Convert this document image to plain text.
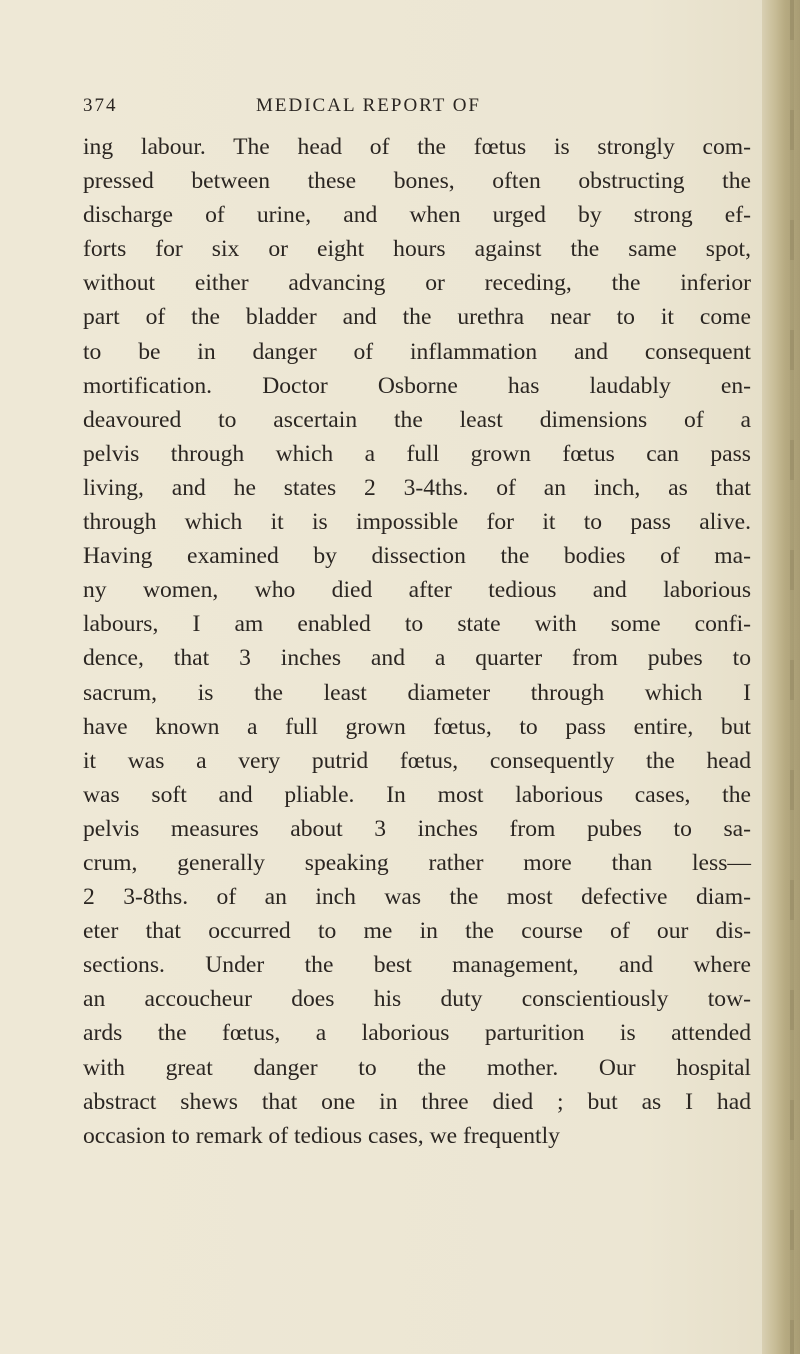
374	MEDICAL REPORT OF
ing labour. The head of the fœtus is strongly com-
pressed between these bones, often obstructing the
discharge of urine, and when urged by strong ef-
forts for six or eight hours against the same spot,
without either advancing or receding, the inferior
part of the bladder and the urethra near to it come
to be in danger of inflammation and consequent
mortification. Doctor Osborne has laudably en-
deavoured to ascertain the least dimensions of a
pelvis through which a full grown fœtus can pass
living, and he states 2 3-4ths. of an inch, as that
through which it is impossible for it to pass alive.
Having examined by dissection the bodies of ma-
ny women, who died after tedious and laborious
labours, I am enabled to state with some confi-
dence, that 3 inches and a quarter from pubes to
sacrum, is the least diameter through which I
have known a full grown fœtus, to pass entire, but
it was a very putrid fœtus, consequently the head
was soft and pliable. In most laborious cases, the
pelvis measures about 3 inches from pubes to sa-
crum, generally speaking rather more than less—
2 3-8ths. of an inch was the most defective diam-
eter that occurred to me in the course of our dis-
sections. Under the best management, and where
an accoucheur does his duty conscientiously tow-
ards the fœtus, a laborious parturition is attended
with great danger to the mother. Our hospital
abstract shews that one in three died ; but as I had
occasion to remark of tedious cases, we frequently
